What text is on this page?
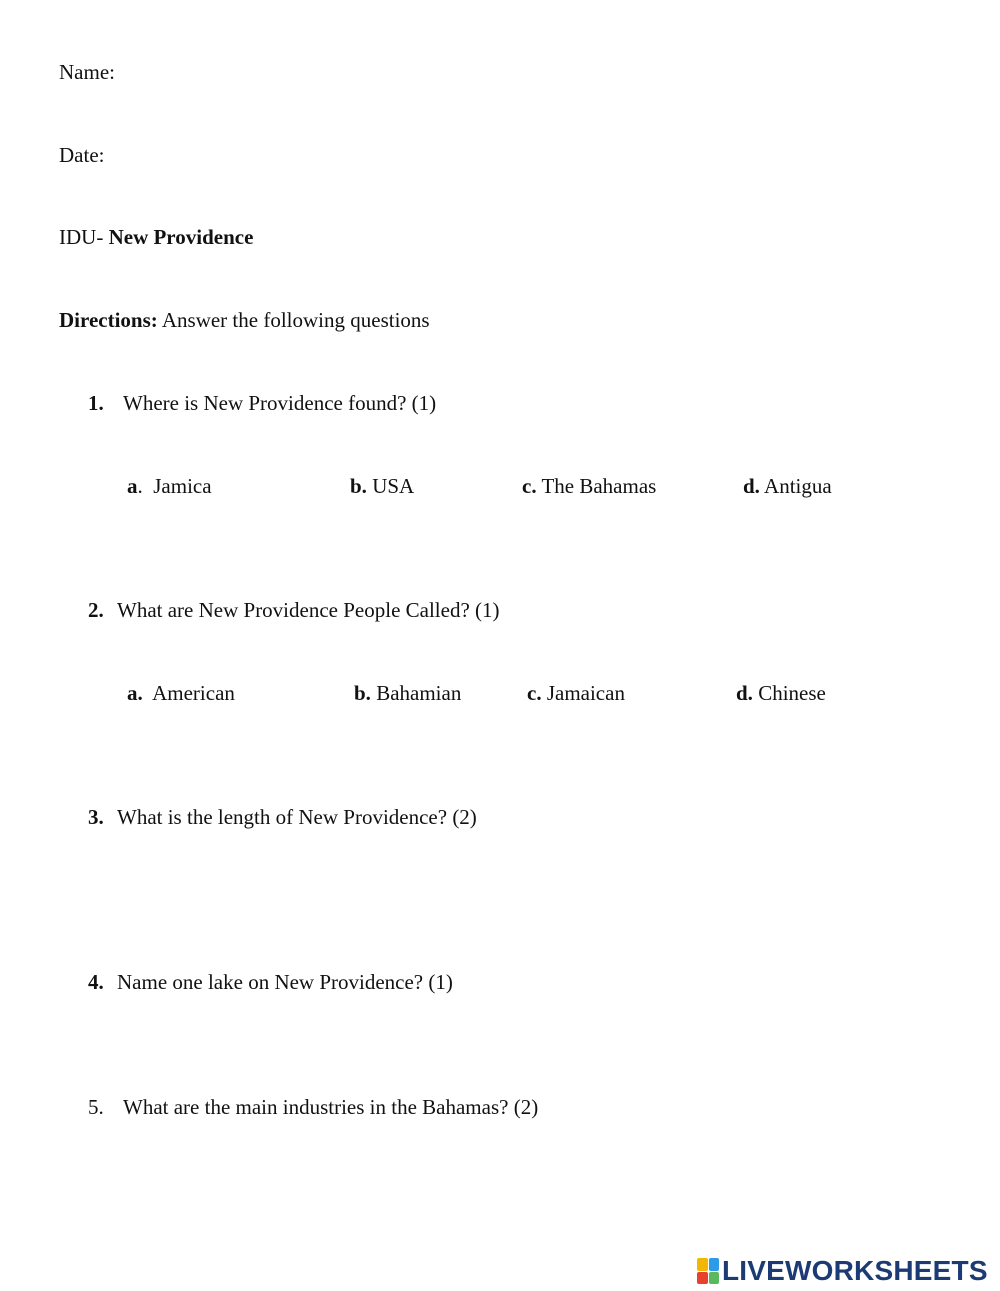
Name:
Date:
IDU- New Providence
Directions: Answer the following questions
1. Where is New Providence found? (1)
a.  Jamica	b. USA	c. The Bahamas	d. Antigua
2. What are New Providence People Called? (1)
a. American	b. Bahamian	c. Jamaican	d. Chinese
3. What is the length of New Providence? (2)
4. Name one lake on New Providence? (1)
5. What are the main industries in the Bahamas? (2)
LIVEWORKSHEETS
